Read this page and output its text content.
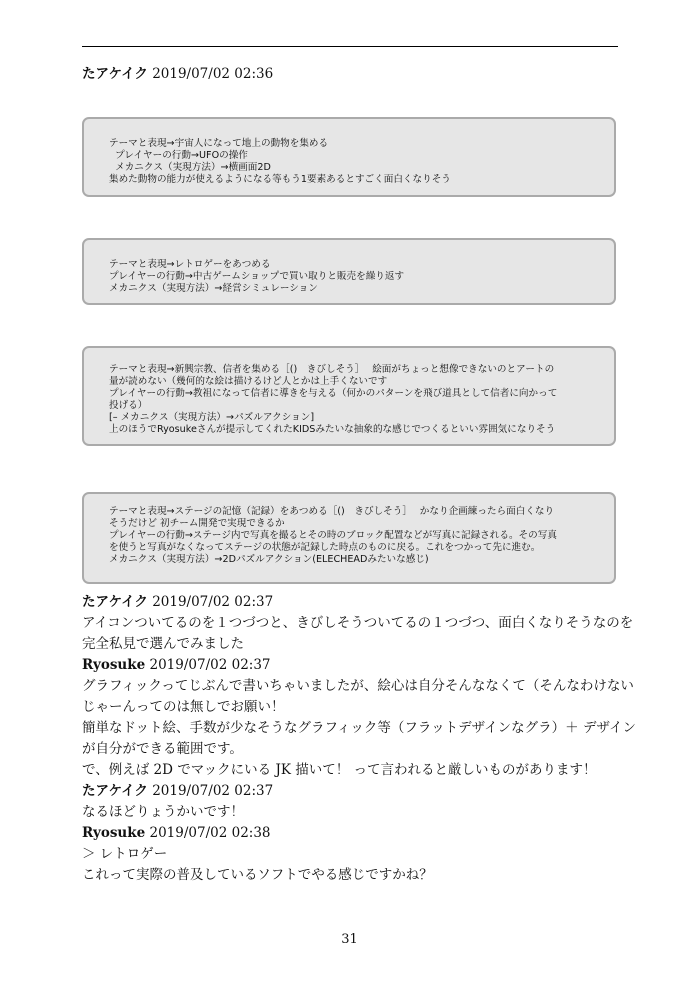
たアケイク 2019/07/02 02:36
テーマと表現→宇宙人になって地上の動物を集める
プレイヤーの行動→UFOの操作
メカニクス（実現方法）→横画面2D
集めた動物の能力が使えるようになる等もう1要素あるとすごく面白くなりそう
テーマと表現→レトロゲーをあつめる
プレイヤーの行動→中古ゲームショップで買い取りと販売を繰り返す
メカニクス（実現方法）→経営シミュレーション
テーマと表現→新興宗教、信者を集める［()　きびしそう］　 絵面がちょっと想像できないのとアートの
量が読めない（幾何的な絵は描けるけど人とかは上手くないです
プレイヤーの行動→教祖になって信者に導きを与える（何かのパターンを飛び道具として信者に向かって
投げる）
[– メカニクス（実現方法）→パズルアクション]
上のほうでRyosukeさんが提示してくれたKIDSみたいな抽象的な感じでつくるといい雰囲気になりそう
テーマと表現→ステージの記憶（記録）をあつめる［()　きびしそう］　 かなり企画練ったら面白くなり
そうだけど 初チーム開発で実現できるか
プレイヤーの行動→ステージ内で写真を撮るとその時のブロック配置などが写真に記録される。その写真
を使うと写真がなくなってステージの状態が記録した時点のものに戻る。これをつかって先に進む。
メカニクス（実現方法）→2Dパズルアクション(ELECHEADみたいな感じ)
たアケイク 2019/07/02 02:37
アイコンついてるのを１つづつと、きびしそうついてるの１つづつ、面白くなりそうなのを
完全私見で選んでみました
Ryosuke 2019/07/02 02:37
グラフィックってじぶんで書いちゃいましたが、絵心は自分そんななくて（そんなわけない
じゃーんってのは無しでお願い！
簡単なドット絵、手数が少なそうなグラフィック等（フラットデザインなグラ）＋ デザイン
が自分ができる範囲です。
で、例えば 2D でマックにいる JK 描いて！ って言われると厳しいものがあります！
たアケイク 2019/07/02 02:37
なるほどりょうかいです！
Ryosuke 2019/07/02 02:38
＞ レトロゲー
これって実際の普及しているソフトでやる感じですかね？
31
